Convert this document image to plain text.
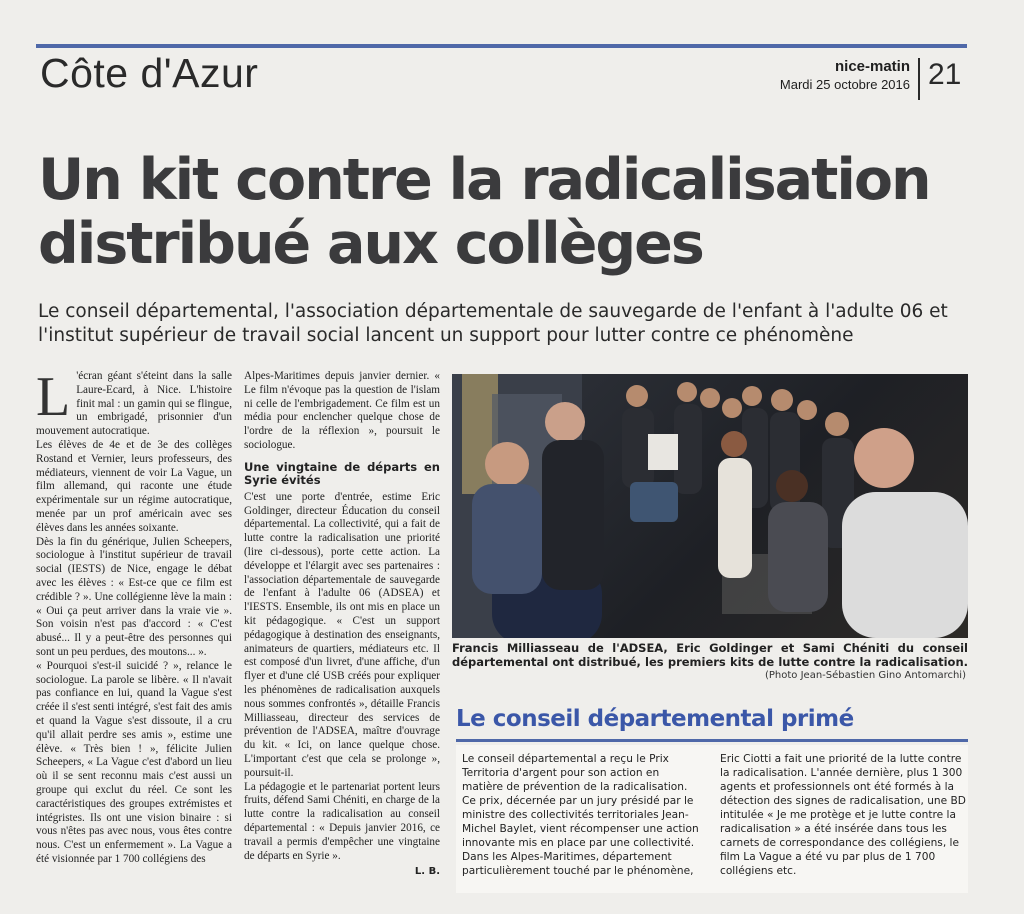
Côte d'Azur	nice-matin
Mardi 25 octobre 2016 21
Un kit contre la radicalisation distribué aux collèges

Le conseil départemental, l'association départementale de sauvegarde de l'enfant à l'adulte 06 et l'institut supérieur de travail social lancent un support pour lutter contre ce phénomène

L 'écran géant s'éteint dans la salle Laure-Ecard, à Nice. L'histoire finit mal : un gamin qui se flingue, un embrigadé, prisonnier d'un mouvement autocratique.

Les élèves de 4e et de 3e des collèges Rostand et Vernier, leurs professeurs, des médiateurs, viennent de voir La Vague, un film allemand, qui raconte une étude expérimentale sur un régime autocratique, menée par un prof américain avec ses élèves dans les années soixante.

Dès la fin du générique, Julien Scheepers, sociologue à l'institut supérieur de travail social (IESTS) de Nice, engage le débat avec les élèves : « Est-ce que ce film est crédible ? ». Une collégienne lève la main : « Oui ça peut arriver dans la vraie vie ». Son voisin n'est pas d'accord : « C'est abusé... Il y a peut-être des personnes qui sont un peu perdues, des moutons... ».

« Pourquoi s'est-il suicidé ? », relance le sociologue. La parole se libère. « Il n'avait pas confiance en lui, quand la Vague s'est créée il s'est senti intégré, s'est fait des amis et quand la Vague s'est dissoute, il a cru qu'il allait perdre ses amis », estime une élève. « Très bien ! », félicite Julien Scheepers, « La Vague c'est d'abord un lieu où il se sent reconnu mais c'est aussi un groupe qui exclut du réel. Ce sont les caractéristiques des groupes extrémistes et intégristes. Ils ont une vision binaire : si vous n'êtes pas avec nous, vous êtes contre nous. C'est un enfermement ». La Vague a été visionnée par 1 700 collégiens des

Alpes-Maritimes depuis janvier dernier. « Le film n'évoque pas la question de l'islam ni celle de l'embrigadement. Ce film est un média pour enclencher quelque chose de l'ordre de la réflexion », poursuit le sociologue.

Une vingtaine de départs en Syrie évités

C'est une porte d'entrée, estime Eric Goldinger, directeur Éducation du conseil départemental. La collectivité, qui a fait de lutte contre la radicalisation une priorité (lire ci-dessous), porte cette action. La développe et l'élargit avec ses partenaires : l'association départementale de sauvegarde de l'enfant à l'adulte 06 (ADSEA) et l'IESTS. Ensemble, ils ont mis en place un kit pédagogique. « C'est un support pédagogique à destination des enseignants, animateurs de quartiers, médiateurs etc. Il est composé d'un livret, d'une affiche, d'un flyer et d'une clé USB créés pour expliquer les phénomènes de radicalisation auxquels nous sommes confrontés », détaille Francis Milliasseau, directeur des services de prévention de l'ADSEA, maître d'ouvrage du kit. « Ici, on lance quelque chose. L'important c'est que cela se prolonge », poursuit-il.

La pédagogie et le partenariat portent leurs fruits, défend Sami Chéniti, en charge de la lutte contre la radicalisation au conseil départemental : « Depuis janvier 2016, ce travail a permis d'empêcher une vingtaine de départs en Syrie ».

L. B.

Francis Milliasseau de l'ADSEA, Eric Goldinger et Sami Chéniti du conseil départemental ont distribué, les premiers kits de lutte contre la radicalisation.

(Photo Jean-Sébastien Gino Antomarchi)
Le conseil départemental primé

Le conseil départemental a reçu le Prix Territoria d'argent pour son action en matière de prévention de la radicalisation. Ce prix, décernée par un jury présidé par le ministre des collectivités territoriales Jean-Michel Baylet, vient récompenser une action innovante mis en place par une collectivité. Dans les Alpes-Maritimes, département particulièrement touché par le phénomène,

Eric Ciotti a fait une priorité de la lutte contre la radicalisation. L'année dernière, plus 1 300 agents et professionnels ont été formés à la détection des signes de radicalisation, une BD intitulée « Je me protège et je lutte contre la radicalisation » a été insérée dans tous les carnets de correspondance des collégiens, le film La Vague a été vu par plus de 1 700 collégiens etc.
